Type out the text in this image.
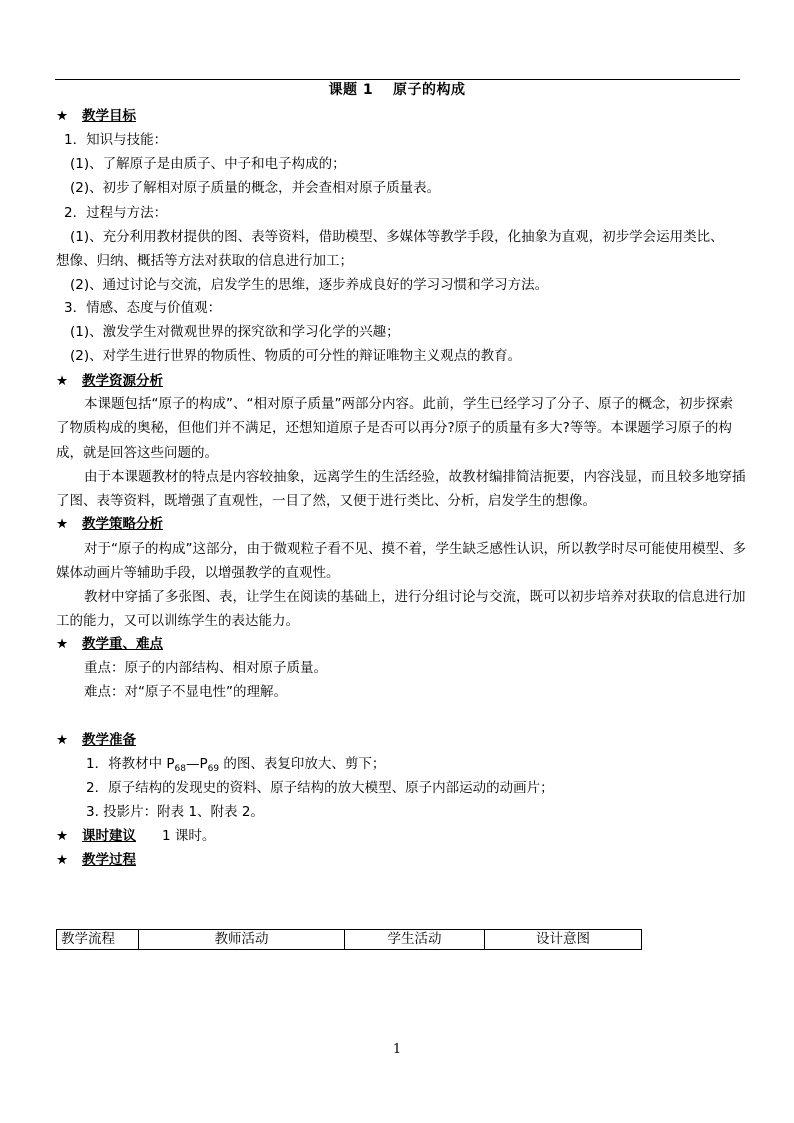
课题 1　 原子的构成
★ 教学目标
1．知识与技能：
(1)、了解原子是由质子、中子和电子构成的；
(2)、初步了解相对原子质量的概念，并会查相对原子质量表。
2．过程与方法：
(1)、充分利用教材提供的图、表等资料，借助模型、多媒体等教学手段，化抽象为直观，初步学会运用类比、
想像、归纳、概括等方法对获取的信息进行加工；
(2)、通过讨论与交流，启发学生的思维，逐步养成良好的学习习惯和学习方法。
3．情感、态度与价值观：
(1)、激发学生对微观世界的探究欲和学习化学的兴趣；
(2)、对学生进行世界的物质性、物质的可分性的辩证唯物主义观点的教育。
★ 教学资源分析
本课题包括“原子的构成”、“相对原子质量”两部分内容。此前，学生已经学习了分子、原子的概念，初步探索了物质构成的奥秘，但他们并不满足，还想知道原子是否可以再分?原子的质量有多大?等等。本课题学习原子的构成，就是回答这些问题的。
由于本课题教材的特点是内容较抽象，远离学生的生活经验，故教材编排简洁扼要，内容浅显，而且较多地穿插了图、表等资料，既增强了直观性，一目了然，又便于进行类比、分析，启发学生的想像。
★ 教学策略分析
对于“原子的构成”这部分，由于微观粒子看不见、摸不着，学生缺乏感性认识，所以教学时尽可能使用模型、多媒体动画片等辅助手段，以增强教学的直观性。
教材中穿插了多张图、表，让学生在阅读的基础上，进行分组讨论与交流，既可以初步培养对获取的信息进行加工的能力，又可以训练学生的表达能力。
★ 教学重、难点
重点：原子的内部结构、相对原子质量。
难点：对“原子不显电性”的理解。
★ 教学准备
1．将教材中 $P_{68}—P_{69}$ 的图、表复印放大、剪下；
2．原子结构的发现史的资料、原子结构的放大模型、原子内部运动的动画片；
3. 投影片：附表 1、附表 2。
★ 课时建议 1 课时。
★ 教学过程
教学流程	教师活动	学生活动	设计意图
1
